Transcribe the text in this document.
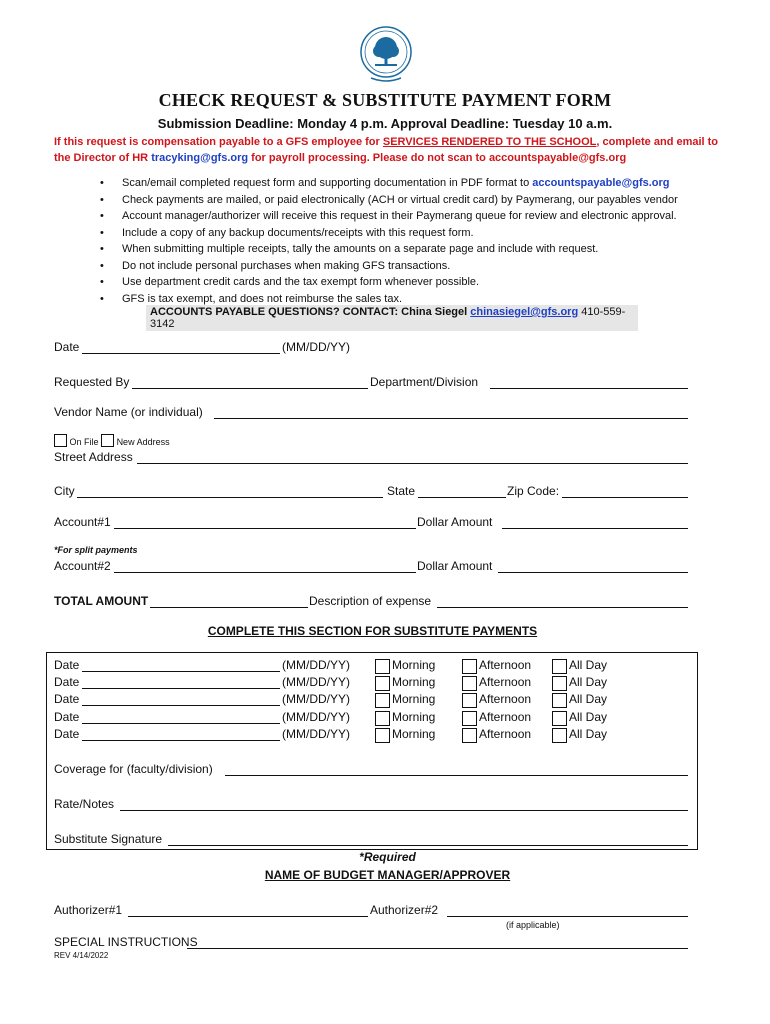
CHECK REQUEST & SUBSTITUTE PAYMENT FORM
Submission Deadline: Monday 4 p.m. Approval Deadline: Tuesday 10 a.m.
If this request is compensation payable to a GFS employee for SERVICES RENDERED TO THE SCHOOL, complete and email to the Director of HR tracyking@gfs.org for payroll processing. Please do not scan to accountspayable@gfs.org
• Scan/email completed request form and supporting documentation in PDF format to accountspayable@gfs.org
• Check payments are mailed, or paid electronically (ACH or virtual credit card) by Paymerang, our payables vendor
• Account manager/authorizer will receive this request in their Paymerang queue for review and electronic approval.
• Include a copy of any backup documents/receipts with this request form.
• When submitting multiple receipts, tally the amounts on a separate page and include with request.
• Do not include personal purchases when making GFS transactions.
• Use department credit cards and the tax exempt form whenever possible.
• GFS is tax exempt, and does not reimburse the sales tax.
ACCOUNTS PAYABLE QUESTIONS? CONTACT: China Siegel chinasiegel@gfs.org 410-559-3142
Date	(MM/DD/YY)
Requested By	Department/Division
Vendor Name (or individual)
On File New Address
Street Address
City	State	Zip Code:
Account#1	Dollar Amount
*For split payments
Account#2	Dollar Amount
TOTAL AMOUNT	Description of expense
COMPLETE THIS SECTION FOR SUBSTITUTE PAYMENTS
Date	(MM/DD/YY)	Morning	Afternoon	All Day
Date	(MM/DD/YY)	Morning	Afternoon	All Day
Date	(MM/DD/YY)	Morning	Afternoon	All Day
Date	(MM/DD/YY)	Morning	Afternoon	All Day
Date	(MM/DD/YY)	Morning	Afternoon	All Day
Coverage for (faculty/division)
Rate/Notes
Substitute Signature
*Required
NAME OF BUDGET MANAGER/APPROVER
Authorizer#1	Authorizer#2
(if applicable)
SPECIAL INSTRUCTIONS
REV 4/14/2022
